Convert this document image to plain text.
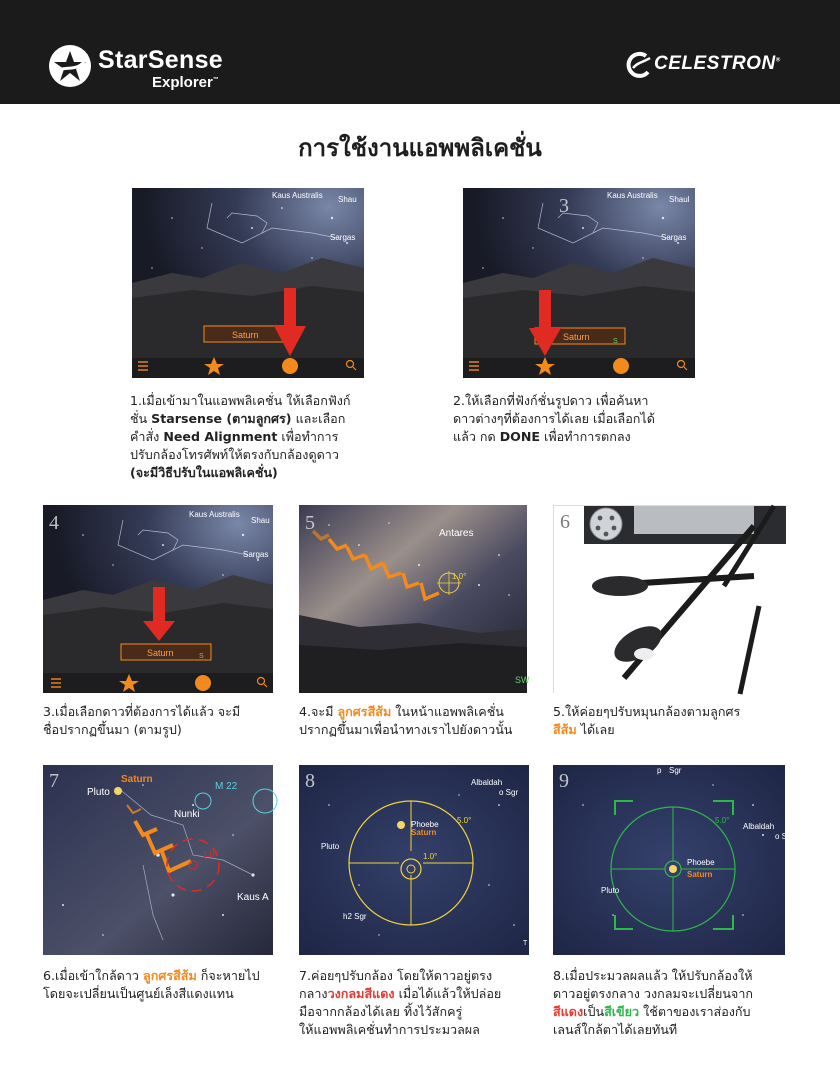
StarSense
Explorer™
CELESTRON®
การใช้งานแอพพลิเคชั่น
Kaus Australis Shau
Sargas
Saturn
Kaus Australis Shaul
Sargas
3
Saturn	S
1.เมื่อเข้ามาในแอพพลิเคชั่น ให้เลือกฟังก์
ชั่น Starsense (ตามลูกศร) และเลือก
คำสั่ง Need Alignment เพื่อทำการ
ปรับกล้องโทรศัพท์ให้ตรงกับกล้องดูดาว
(จะมีวิธีปรับในแอพลิเคชั่น)
2.ให้เลือกที่ฟังก์ชั่นรูปดาว เพื่อค้นหา
ดาวต่างๆที่ต้องการได้เลย เมื่อเลือกได้
แล้ว กด DONE เพื่อทำการตกลง
4	Kaus Australis
Shau
Sargas
Saturn	S
5	Antares
1.0°
SW
6
3.เมื่อเลือกดาวที่ต้องการได้แล้ว จะมี
ชื่อปรากฏขึ้นมา (ตามรูป)
4.จะมี ลูกศรสีส้ม ในหน้าแอพพลิเคชั่น
ปรากฏขึ้นมาเพื่อนำทางเราไปยังดาวนั้น
5.ให้ค่อยๆปรับหมุนกล้องตามลูกศร
สีส้ม ได้เลย
7	Saturn
Pluto
M 22
Nunki
Kaus A
1.0°
8	Albaldah
o Sgr
5.0°
1.0°
Phoebe
Saturn
Pluto
h2 Sgr
T
9	p Sgr
Albaldah
o S
5.0°
Phoebe
Saturn
Pluto
6.เมื่อเข้าใกล้ดาว ลูกศรสีส้ม ก็จะหายไป
โดยจะเปลี่ยนเป็นศูนย์เล็งสีแดงแทน
7.ค่อยๆปรับกล้อง โดยให้ดาวอยู่ตรง
กลางวงกลมสีแดง เมื่อได้แล้วให้ปล่อย
มือจากกล้องได้เลย ทิ้งไว้สักครู่
ให้แอพพลิเคชั่นทำการประมวลผล
8.เมื่อประมวลผลแล้ว ให้ปรับกล้องให้
ดาวอยู่ตรงกลาง วงกลมจะเปลี่ยนจาก
สีแดงเป็นสีเขียว ใช้ตาของเราส่องกับ
เลนส์ใกล้ตาได้เลยทันที
